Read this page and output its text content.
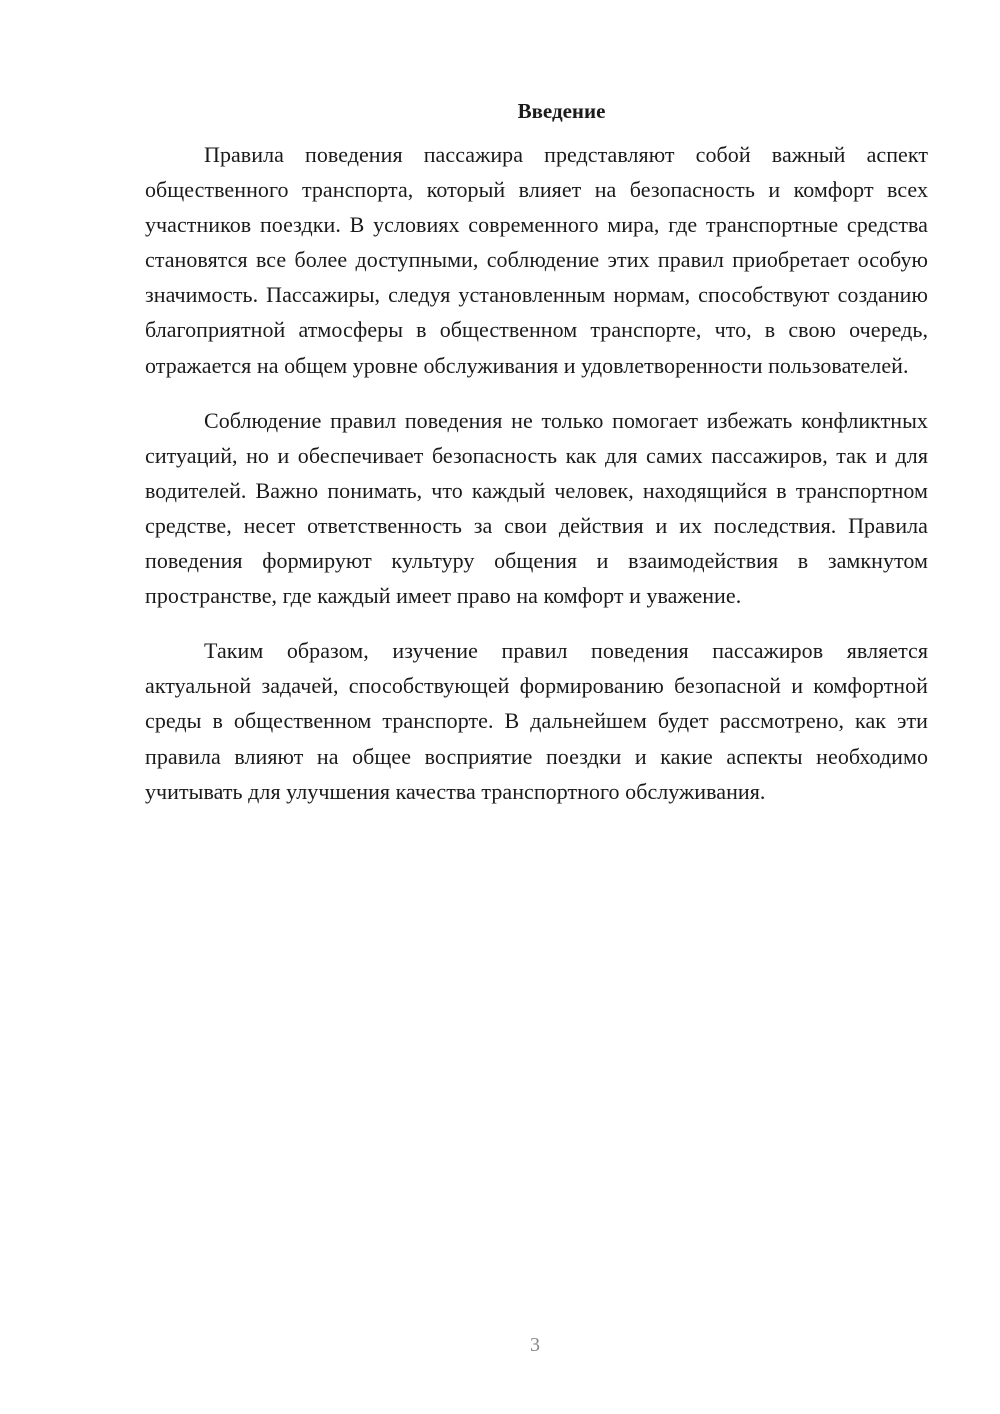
Введение

Правила поведения пассажира представляют собой важный аспект общественного транспорта, который влияет на безопасность и комфорт всех участников поездки. В условиях современного мира, где транспортные средства становятся все более доступными, соблюдение этих правил приобретает особую значимость. Пассажиры, следуя установленным нормам, способствуют созданию благоприятной атмосферы в общественном транспорте, что, в свою очередь, отражается на общем уровне обслуживания и удовлетворенности пользователей.

Соблюдение правил поведения не только помогает избежать конфликтных ситуаций, но и обеспечивает безопасность как для самих пассажиров, так и для водителей. Важно понимать, что каждый человек, находящийся в транспортном средстве, несет ответственность за свои действия и их последствия. Правила поведения формируют культуру общения и взаимодействия в замкнутом пространстве, где каждый имеет право на комфорт и уважение.

Таким образом, изучение правил поведения пассажиров является актуальной задачей, способствующей формированию безопасной и комфортной среды в общественном транспорте. В дальнейшем будет рассмотрено, как эти правила влияют на общее восприятие поездки и какие аспекты необходимо учитывать для улучшения качества транспортного обслуживания.

3
